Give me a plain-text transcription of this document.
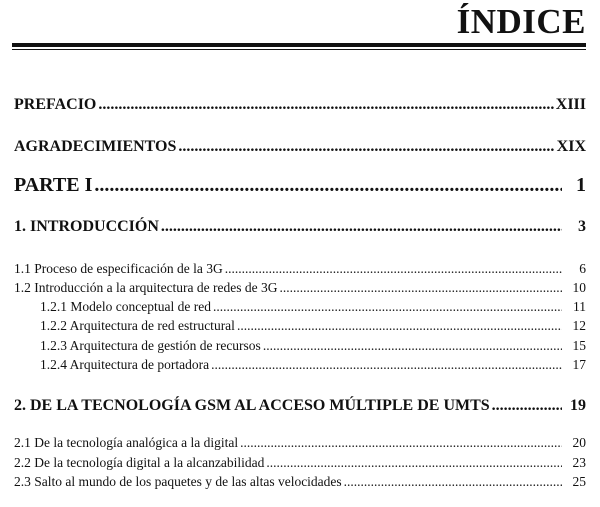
ÍNDICE
PREFACIO .....	XIII
AGRADECIMIENTOS .....	XIX
PARTE I .....	1
1. INTRODUCCIÓN .....	3
1.1 Proceso de especificación de la 3G .....	6
1.2 Introducción a la arquitectura de redes de 3G .....	10
1.2.1 Modelo conceptual de red .....	11
1.2.2 Arquitectura de red estructural .....	12
1.2.3 Arquitectura de gestión de recursos .....	15
1.2.4 Arquitectura de portadora .....	17
2. DE LA TECNOLOGÍA GSM AL ACCESO MÚLTIPLE DE UMTS .....	19
2.1 De la tecnología analógica a la digital .....	20
2.2 De la tecnología digital a la alcanzabilidad .....	23
2.3 Salto al mundo de los paquetes y de las altas velocidades .....	25
